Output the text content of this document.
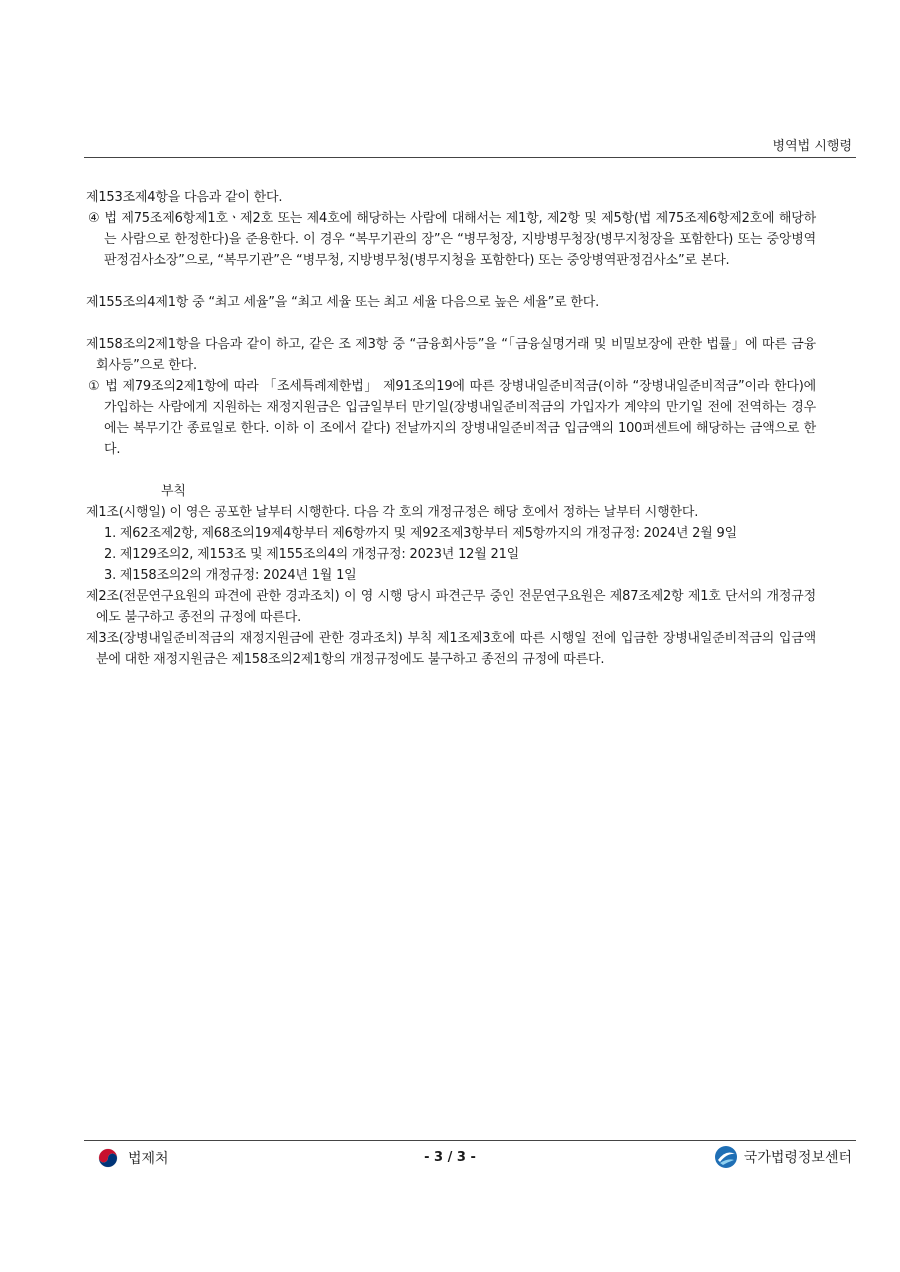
병역법 시행령

제153조제4항을 다음과 같이 한다.

④ 법 제75조제6항제1호ㆍ제2호 또는 제4호에 해당하는 사람에 대해서는 제1항, 제2항 및 제5항(법 제75조제6항제2호에 해당하는 사람으로 한정한다)을 준용한다. 이 경우 “복무기관의 장”은 “병무청장, 지방병무청장(병무지청장을 포함한다) 또는 중앙병역판정검사소장”으로, “복무기관”은 “병무청, 지방병무청(병무지청을 포함한다) 또는 중앙병역판정검사소”로 본다.

제155조의4제1항 중 “최고 세율”을 “최고 세율 또는 최고 세율 다음으로 높은 세율”로 한다.

제158조의2제1항을 다음과 같이 하고, 같은 조 제3항 중 “금융회사등”을 “「금융실명거래 및 비밀보장에 관한 법률」에 따른 금융회사등”으로 한다.

① 법 제79조의2제1항에 따라 「조세특례제한법」 제91조의19에 따른 장병내일준비적금(이하 “장병내일준비적금”이라 한다)에 가입하는 사람에게 지원하는 재정지원금은 입금일부터 만기일(장병내일준비적금의 가입자가 계약의 만기일 전에 전역하는 경우에는 복무기간 종료일로 한다. 이하 이 조에서 같다) 전날까지의 장병내일준비적금 입금액의 100퍼센트에 해당하는 금액으로 한다.

부칙

제1조(시행일) 이 영은 공포한 날부터 시행한다. 다음 각 호의 개정규정은 해당 호에서 정하는 날부터 시행한다.

1. 제62조제2항, 제68조의19제4항부터 제6항까지 및 제92조제3항부터 제5항까지의 개정규정: 2024년 2월 9일

2. 제129조의2, 제153조 및 제155조의4의 개정규정: 2023년 12월 21일

3. 제158조의2의 개정규정: 2024년 1월 1일

제2조(전문연구요원의 파견에 관한 경과조치) 이 영 시행 당시 파견근무 중인 전문연구요원은 제87조제2항 제1호 단서의 개정규정에도 불구하고 종전의 규정에 따른다.

제3조(장병내일준비적금의 재정지원금에 관한 경과조치) 부칙 제1조제3호에 따른 시행일 전에 입금한 장병내일준비적금의 입금액분에 대한 재정지원금은 제158조의2제1항의 개정규정에도 불구하고 종전의 규정에 따른다.

법제처	- 3 / 3 -	국가법령정보센터
